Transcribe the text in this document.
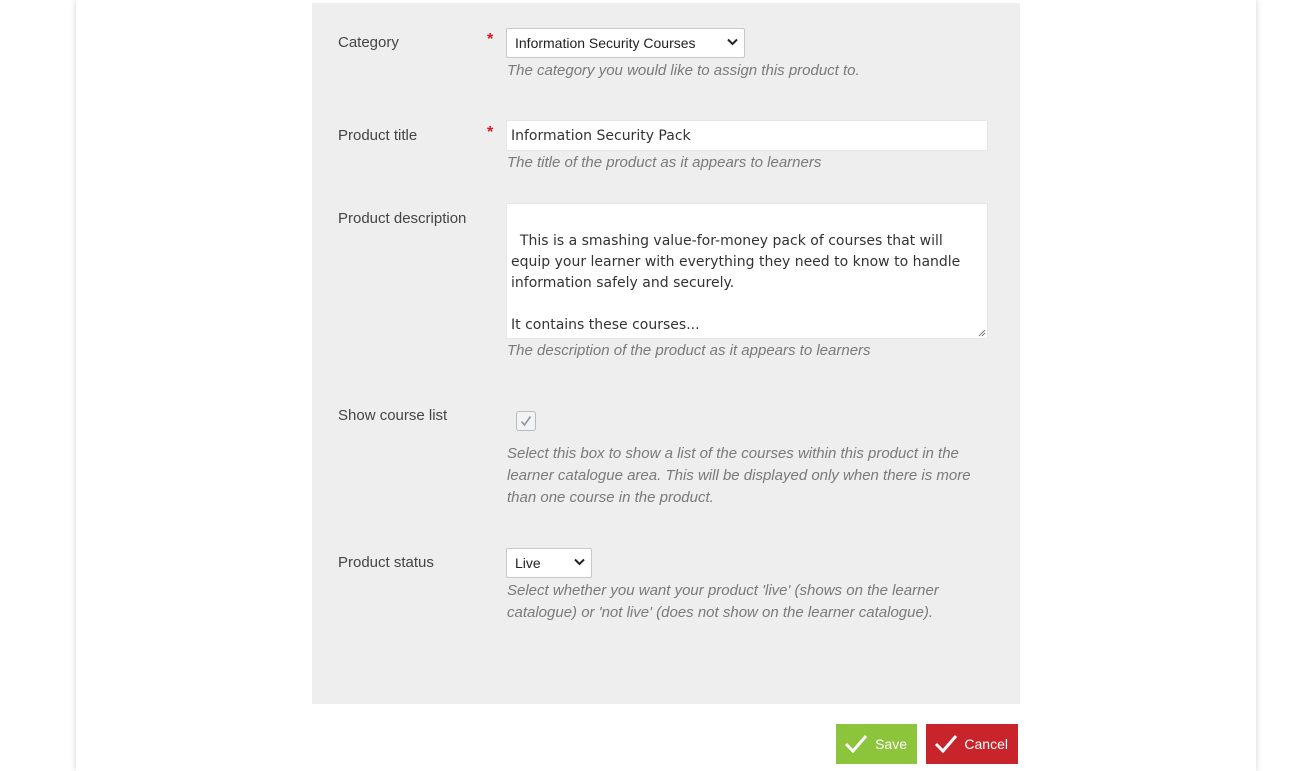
Category	* Information Security Courses
The category you would like to assign this product to.
Product title	*	Information Security Pack
The title of the product as it appears to learners
Product description

This is a smashing value-for-money pack of courses that will equip your learner with everything they need to know to handle information safely and securely.

It contains these courses...

The description of the product as it appears to learners
Show course list
Select this box to show a list of the courses within this product in the learner catalogue area. This will be displayed only when there is more than one course in the product.
Product status	Live
Select whether you want your product 'live' (shows on the learner catalogue) or 'not live' (does not show on the learner catalogue).
Save	Cancel
